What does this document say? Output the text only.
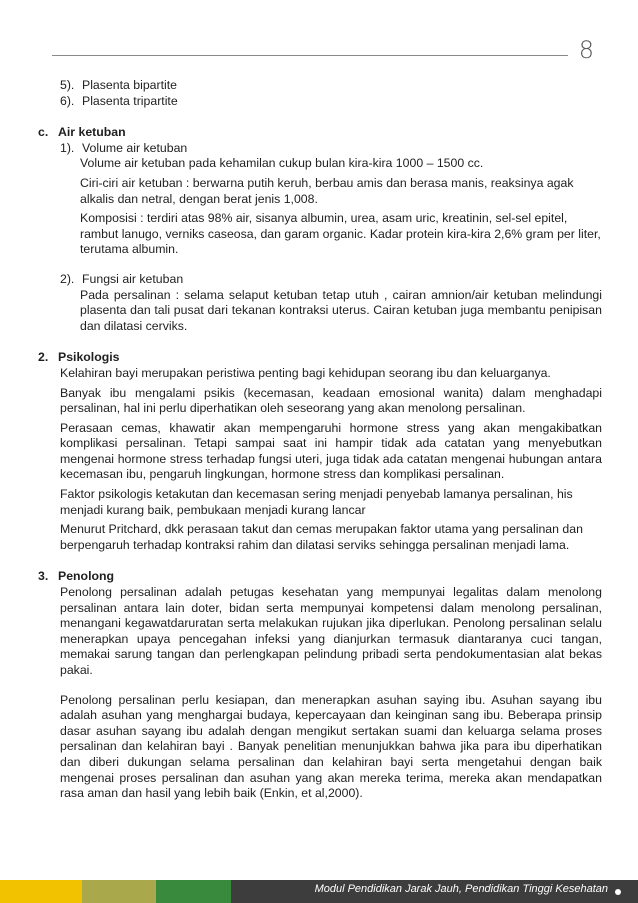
8
5). Plasenta bipartite
6). Plasenta tripartite
c. Air ketuban
1). Volume air ketuban

Volume air ketuban pada kehamilan cukup bulan kira-kira 1000 – 1500 cc.

Ciri-ciri air ketuban : berwarna putih keruh, berbau amis dan berasa manis, reaksinya agak alkalis dan netral, dengan berat jenis 1,008.

Komposisi : terdiri atas 98% air, sisanya albumin, urea, asam uric, kreatinin, sel-sel epitel, rambut lanugo, verniks caseosa, dan garam organic. Kadar protein kira-kira 2,6% gram per liter, terutama albumin.

2). Fungsi air ketuban

Pada persalinan : selama selaput ketuban tetap utuh , cairan amnion/air ketuban melindungi plasenta dan tali pusat dari tekanan kontraksi uterus. Cairan ketuban juga membantu penipisan dan dilatasi cerviks.

2. Psikologis

Kelahiran bayi merupakan peristiwa penting bagi kehidupan seorang ibu dan keluarganya.

Banyak ibu mengalami psikis (kecemasan, keadaan emosional wanita) dalam menghadapi persalinan, hal ini perlu diperhatikan oleh seseorang yang akan menolong persalinan.

Perasaan cemas, khawatir akan mempengaruhi hormone stress yang akan mengakibatkan komplikasi persalinan. Tetapi sampai saat ini hampir tidak ada catatan yang menyebutkan mengenai hormone stress terhadap fungsi uteri, juga tidak ada catatan mengenai hubungan antara kecemasan ibu, pengaruh lingkungan, hormone stress dan komplikasi persalinan.

Faktor psikologis ketakutan dan kecemasan sering menjadi penyebab lamanya persalinan, his menjadi kurang baik, pembukaan menjadi kurang lancar

Menurut Pritchard, dkk perasaan takut dan cemas merupakan faktor utama yang persalinan dan berpengaruh terhadap kontraksi rahim dan dilatasi serviks sehingga persalinan menjadi lama.

3. Penolong

Penolong persalinan adalah petugas kesehatan yang mempunyai legalitas dalam menolong persalinan antara lain doter, bidan serta mempunyai kompetensi dalam menolong persalinan, menangani kegawatdaruratan serta melakukan rujukan jika diperlukan. Penolong persalinan selalu menerapkan upaya pencegahan infeksi yang dianjurkan termasuk diantaranya cuci tangan, memakai sarung tangan dan perlengkapan pelindung pribadi serta pendokumentasian alat bekas pakai.

Penolong persalinan perlu kesiapan, dan menerapkan asuhan saying ibu. Asuhan sayang ibu adalah asuhan yang menghargai budaya, kepercayaan dan keinginan sang ibu. Beberapa prinsip dasar asuhan sayang ibu adalah dengan mengikut sertakan suami dan keluarga selama proses persalinan dan kelahiran bayi . Banyak penelitian menunjukkan bahwa jika para ibu diperhatikan dan diberi dukungan selama persalinan dan kelahiran bayi serta mengetahui dengan baik mengenai proses persalinan dan asuhan yang akan mereka terima, mereka akan mendapatkan rasa aman dan hasil yang lebih baik (Enkin, et al,2000).

Modul Pendidikan Jarak Jauh, Pendidikan Tinggi Kesehatan
